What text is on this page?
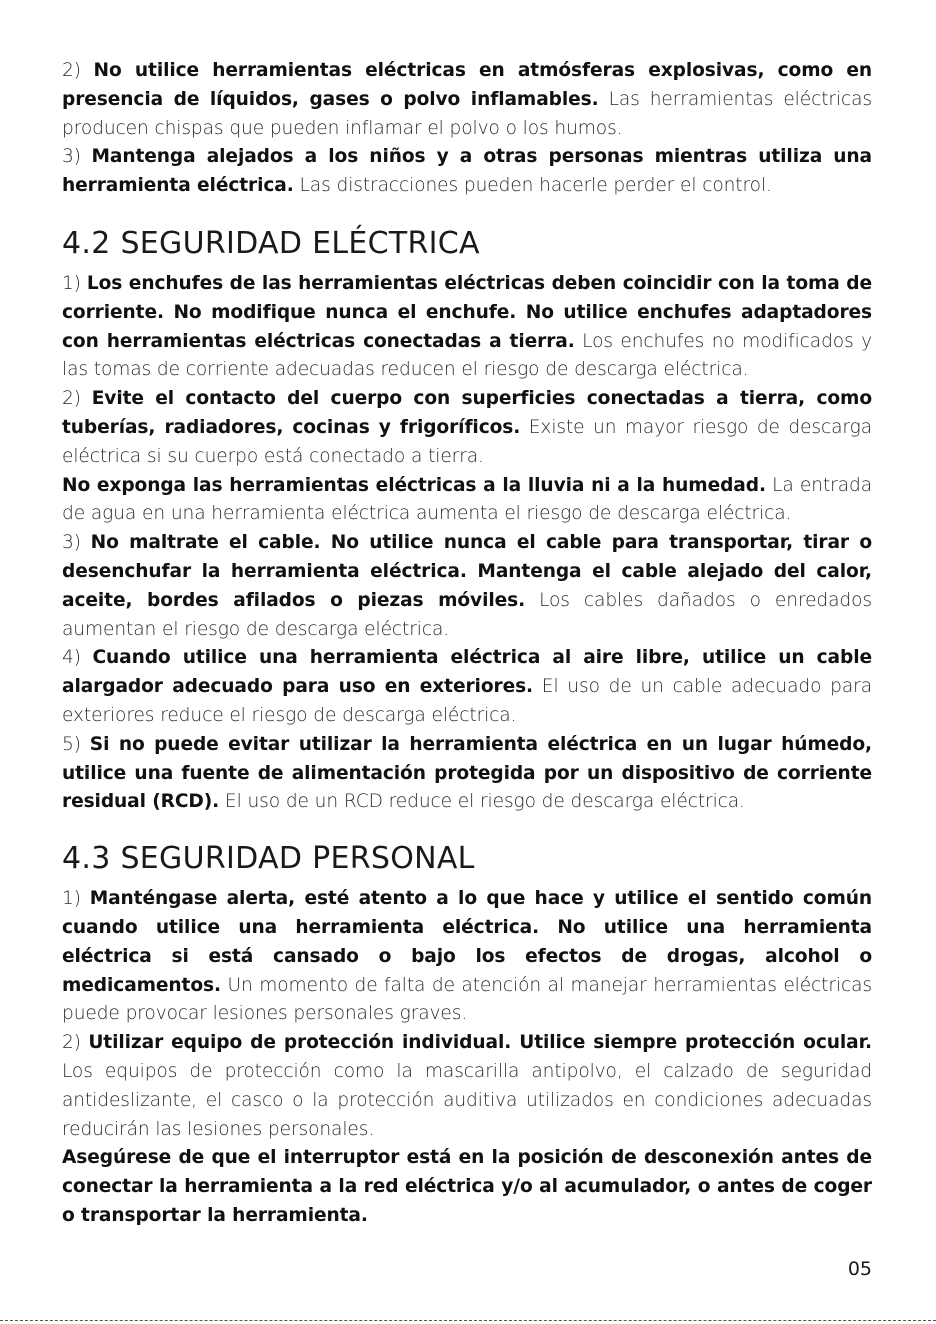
2) No utilice herramientas eléctricas en atmósferas explosivas, como en presencia de líquidos, gases o polvo inflamables. Las herramientas eléctricas producen chispas que pueden inflamar el polvo o los humos.

3) Mantenga alejados a los niños y a otras personas mientras utiliza una herramienta eléctrica. Las distracciones pueden hacerle perder el control.

4.2 SEGURIDAD ELÉCTRICA

1) Los enchufes de las herramientas eléctricas deben coincidir con la toma de corriente. No modifique nunca el enchufe. No utilice enchufes adaptadores con herramientas eléctricas conectadas a tierra. Los enchufes no modificados y las tomas de corriente adecuadas reducen el riesgo de descarga eléctrica.

2) Evite el contacto del cuerpo con superficies conectadas a tierra, como tuberías, radiadores, cocinas y frigoríficos. Existe un mayor riesgo de descarga eléctrica si su cuerpo está conectado a tierra.

No exponga las herramientas eléctricas a la lluvia ni a la humedad. La entrada de agua en una herramienta eléctrica aumenta el riesgo de descarga eléctrica.

3) No maltrate el cable. No utilice nunca el cable para transportar, tirar o desenchufar la herramienta eléctrica. Mantenga el cable alejado del calor, aceite, bordes afilados o piezas móviles. Los cables dañados o enredados aumentan el riesgo de descarga eléctrica.

4) Cuando utilice una herramienta eléctrica al aire libre, utilice un cable alargador adecuado para uso en exteriores. El uso de un cable adecuado para exteriores reduce el riesgo de descarga eléctrica.

5) Si no puede evitar utilizar la herramienta eléctrica en un lugar húmedo, utilice una fuente de alimentación protegida por un dispositivo de corriente residual (RCD). El uso de un RCD reduce el riesgo de descarga eléctrica.

4.3 SEGURIDAD PERSONAL

1) Manténgase alerta, esté atento a lo que hace y utilice el sentido común cuando utilice una herramienta eléctrica. No utilice una herramienta eléctrica si está cansado o bajo los efectos de drogas, alcohol o medicamentos. Un momento de falta de atención al manejar herramientas eléctricas puede provocar lesiones personales graves.

2) Utilizar equipo de protección individual. Utilice siempre protección ocular. Los equipos de protección como la mascarilla antipolvo, el calzado de seguridad antideslizante, el casco o la protección auditiva utilizados en condiciones adecuadas reducirán las lesiones personales.

Asegúrese de que el interruptor está en la posición de desconexión antes de conectar la herramienta a la red eléctrica y/o al acumulador, o antes de coger o transportar la herramienta.

05
